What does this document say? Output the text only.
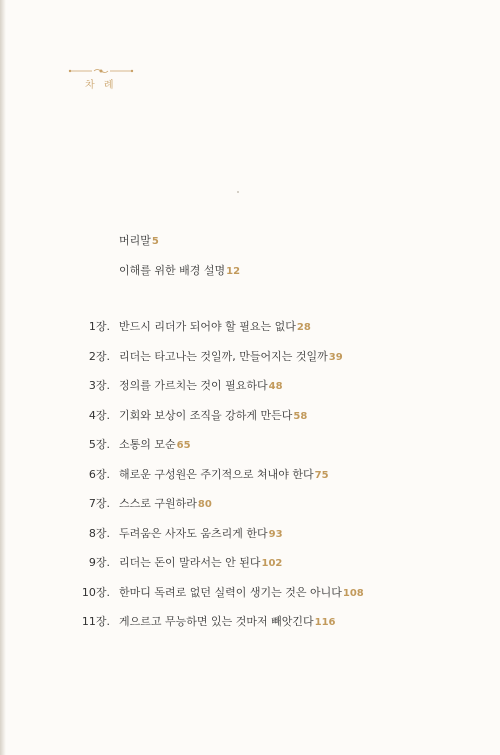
차 례
머리말5
이해를 위한 배경 설명12
1장. 반드시 리더가 되어야 할 필요는 없다28
2장. 리더는 타고나는 것일까, 만들어지는 것일까39
3장. 정의를 가르치는 것이 필요하다48
4장. 기회와 보상이 조직을 강하게 만든다58
5장. 소통의 모순65
6장. 해로운 구성원은 주기적으로 쳐내야 한다75
7장. 스스로 구원하라80
8장. 두려움은 사자도 움츠리게 한다93
9장. 리더는 돈이 말라서는 안 된다102
10장. 한마디 독려로 없던 실력이 생기는 것은 아니다108
11장. 게으르고 무능하면 있는 것마저 빼앗긴다116
